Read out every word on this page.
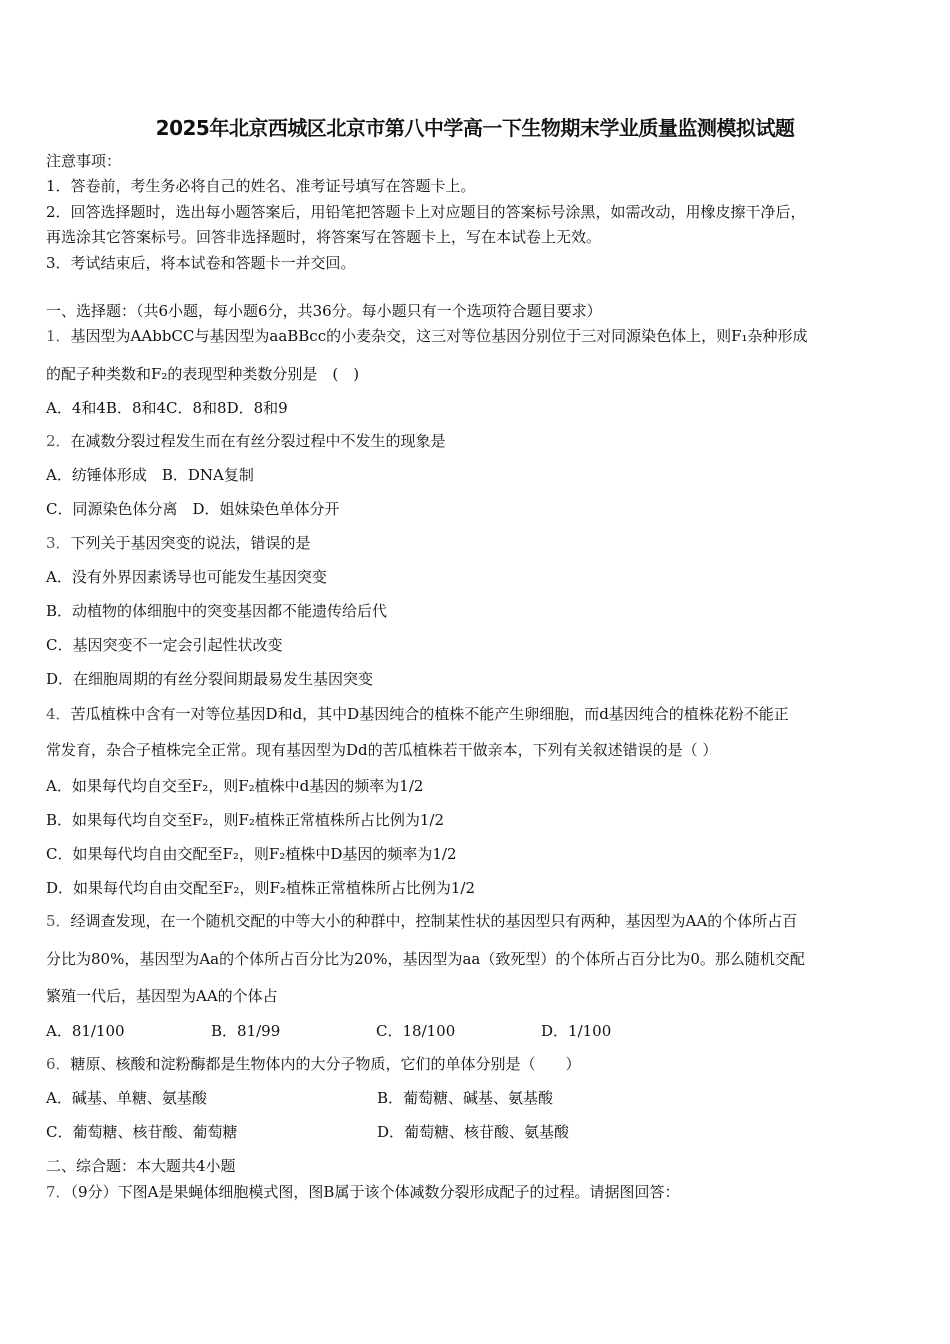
2025年北京西城区北京市第八中学高一下生物期末学业质量监测模拟试题
注意事项：
1．答卷前，考生务必将自己的姓名、准考证号填写在答题卡上。
2．回答选择题时，选出每小题答案后，用铅笔把答题卡上对应题目的答案标号涂黑，如需改动，用橡皮擦干净后，
再选涂其它答案标号。回答非选择题时，将答案写在答题卡上，写在本试卷上无效。
3．考试结束后，将本试卷和答题卡一并交回。
一、选择题：（共6小题，每小题6分，共36分。每小题只有一个选项符合题目要求）
1．基因型为AAbbCC与基因型为aaBBcc的小麦杂交，这三对等位基因分别位于三对同源染色体上，则F₁杂种形成
的配子种类数和F₂的表现型种类数分别是　(　)
A．4和4B．8和4C．8和8D．8和9
2．在减数分裂过程发生而在有丝分裂过程中不发生的现象是
A．纺锤体形成　B．DNA复制
C．同源染色体分离　D．姐妹染色单体分开
3．下列关于基因突变的说法，错误的是
A．没有外界因素诱导也可能发生基因突变
B．动植物的体细胞中的突变基因都不能遗传给后代
C．基因突变不一定会引起性状改变
D．在细胞周期的有丝分裂间期最易发生基因突变
4．苦瓜植株中含有一对等位基因D和d，其中D基因纯合的植株不能产生卵细胞，而d基因纯合的植株花粉不能正
常发育，杂合子植株完全正常。现有基因型为Dd的苦瓜植株若干做亲本，下列有关叙述错误的是（ ）
A．如果每代均自交至F₂，则F₂植株中d基因的频率为1/2
B．如果每代均自交至F₂，则F₂植株正常植株所占比例为1/2
C．如果每代均自由交配至F₂，则F₂植株中D基因的频率为1/2
D．如果每代均自由交配至F₂，则F₂植株正常植株所占比例为1/2
5．经调查发现，在一个随机交配的中等大小的种群中，控制某性状的基因型只有两种，基因型为AA的个体所占百
分比为80%，基因型为Aa的个体所占百分比为20%，基因型为aa（致死型）的个体所占百分比为0。那么随机交配
繁殖一代后，基因型为AA的个体占
A．81/100	B．81/99	C．18/100	D．1/100
6．糖原、核酸和淀粉酶都是生物体内的大分子物质，它们的单体分别是（　　）
A．碱基、单糖、氨基酸	B．葡萄糖、碱基、氨基酸
C．葡萄糖、核苷酸、葡萄糖	D．葡萄糖、核苷酸、氨基酸
二、综合题：本大题共4小题
7．（9分）下图A是果蝇体细胞模式图，图B属于该个体减数分裂形成配子的过程。请据图回答：
